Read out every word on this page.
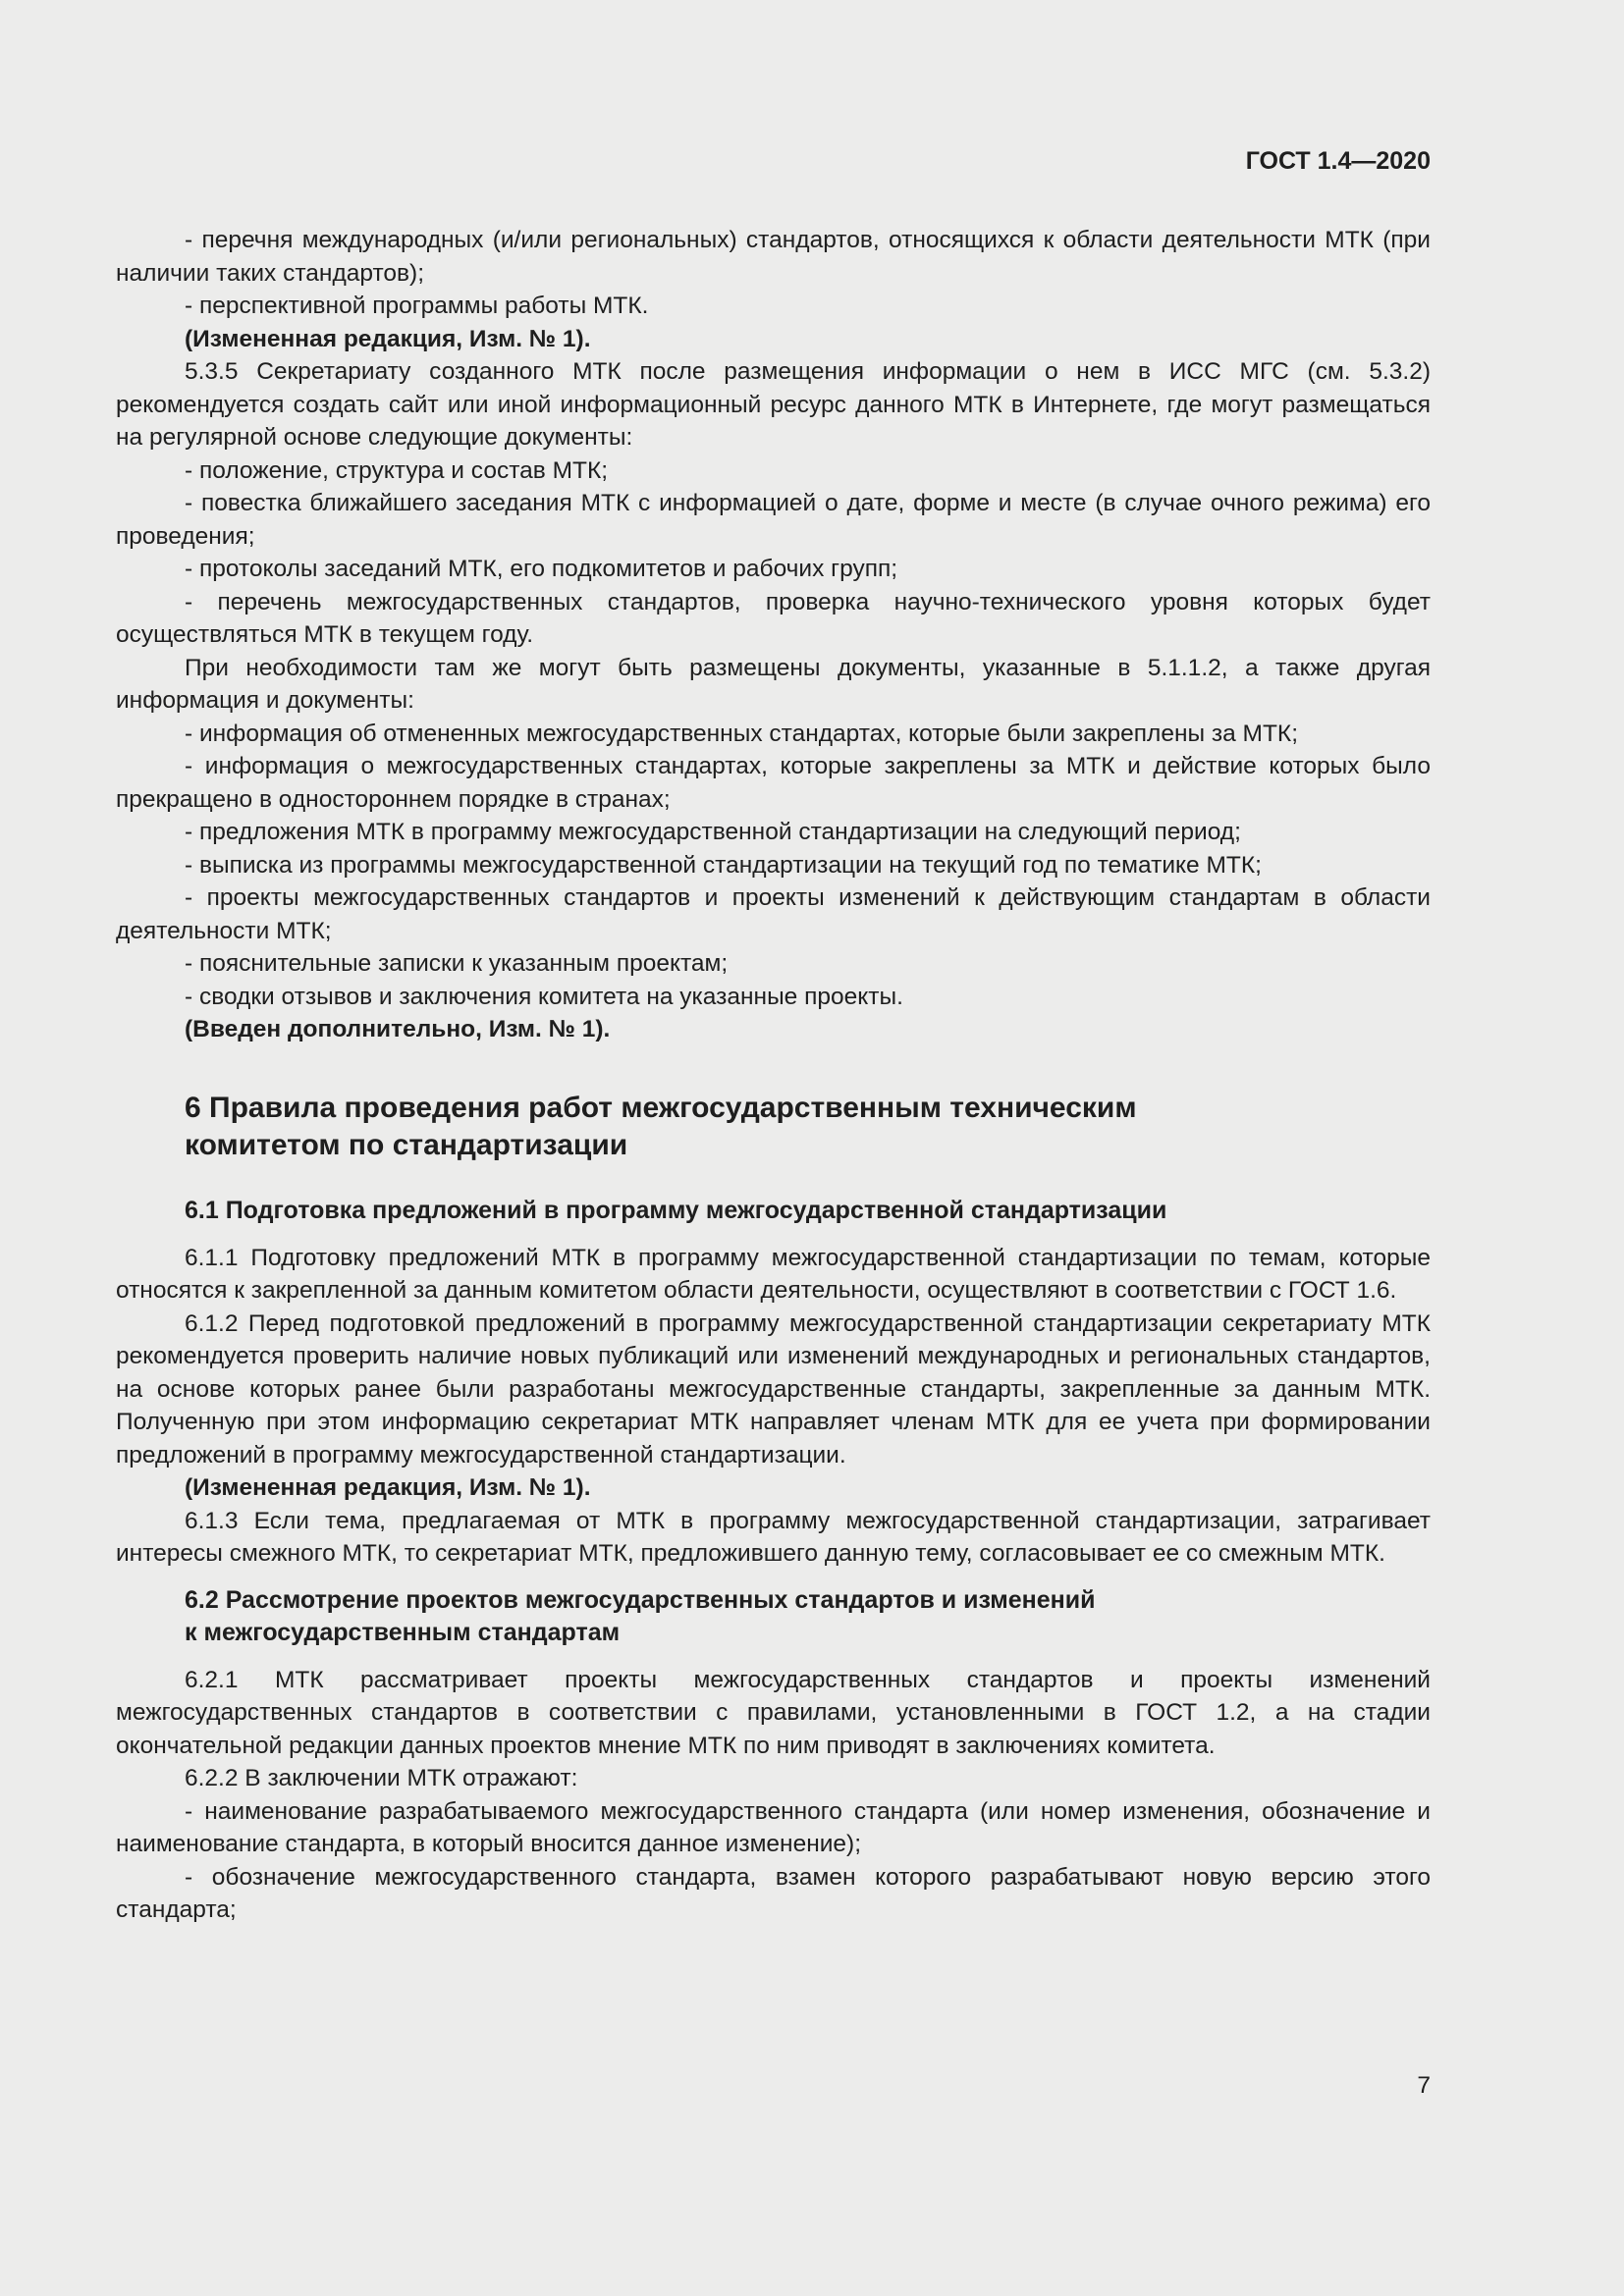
ГОСТ 1.4—2020

- перечня международных (и/или региональных) стандартов, относящихся к области деятельности МТК (при наличии таких стандартов);

- перспективной программы работы МТК.

(Измененная редакция, Изм. № 1).

5.3.5 Секретариату созданного МТК после размещения информации о нем в ИСС МГС (см. 5.3.2) рекомендуется создать сайт или иной информационный ресурс данного МТК в Интернете, где могут размещаться на регулярной основе следующие документы:

- положение, структура и состав МТК;

- повестка ближайшего заседания МТК с информацией о дате, форме и месте (в случае очного режима) его проведения;

- протоколы заседаний МТК, его подкомитетов и рабочих групп;

- перечень межгосударственных стандартов, проверка научно-технического уровня которых будет осуществляться МТК в текущем году.

При необходимости там же могут быть размещены документы, указанные в 5.1.1.2, а также другая информация и документы:

- информация об отмененных межгосударственных стандартах, которые были закреплены за МТК;

- информация о межгосударственных стандартах, которые закреплены за МТК и действие которых было прекращено в одностороннем порядке в странах;

- предложения МТК в программу межгосударственной стандартизации на следующий период;

- выписка из программы межгосударственной стандартизации на текущий год по тематике МТК;

- проекты межгосударственных стандартов и проекты изменений к действующим стандартам в области деятельности МТК;

- пояснительные записки к указанным проектам;

- сводки отзывов и заключения комитета на указанные проекты.

(Введен дополнительно, Изм. № 1).

6 Правила проведения работ межгосударственным техническим
комитетом по стандартизации
6.1 Подготовка предложений в программу межгосударственной стандартизации

6.1.1 Подготовку предложений МТК в программу межгосударственной стандартизации по темам, которые относятся к закрепленной за данным комитетом области деятельности, осуществляют в соответствии с ГОСТ 1.6.

6.1.2 Перед подготовкой предложений в программу межгосударственной стандартизации секретариату МТК рекомендуется проверить наличие новых публикаций или изменений международных и региональных стандартов, на основе которых ранее были разработаны межгосударственные стандарты, закрепленные за данным МТК. Полученную при этом информацию секретариат МТК направляет членам МТК для ее учета при формировании предложений в программу межгосударственной стандартизации.

(Измененная редакция, Изм. № 1).

6.1.3 Если тема, предлагаемая от МТК в программу межгосударственной стандартизации, затрагивает интересы смежного МТК, то секретариат МТК, предложившего данную тему, согласовывает ее со смежным МТК.

6.2 Рассмотрение проектов межгосударственных стандартов и изменений
к межгосударственным стандартам

6.2.1 МТК рассматривает проекты межгосударственных стандартов и проекты изменений межгосударственных стандартов в соответствии с правилами, установленными в ГОСТ 1.2, а на стадии окончательной редакции данных проектов мнение МТК по ним приводят в заключениях комитета.

6.2.2 В заключении МТК отражают:

- наименование разрабатываемого межгосударственного стандарта (или номер изменения, обозначение и наименование стандарта, в который вносится данное изменение);

- обозначение межгосударственного стандарта, взамен которого разрабатывают новую версию этого стандарта;

7
